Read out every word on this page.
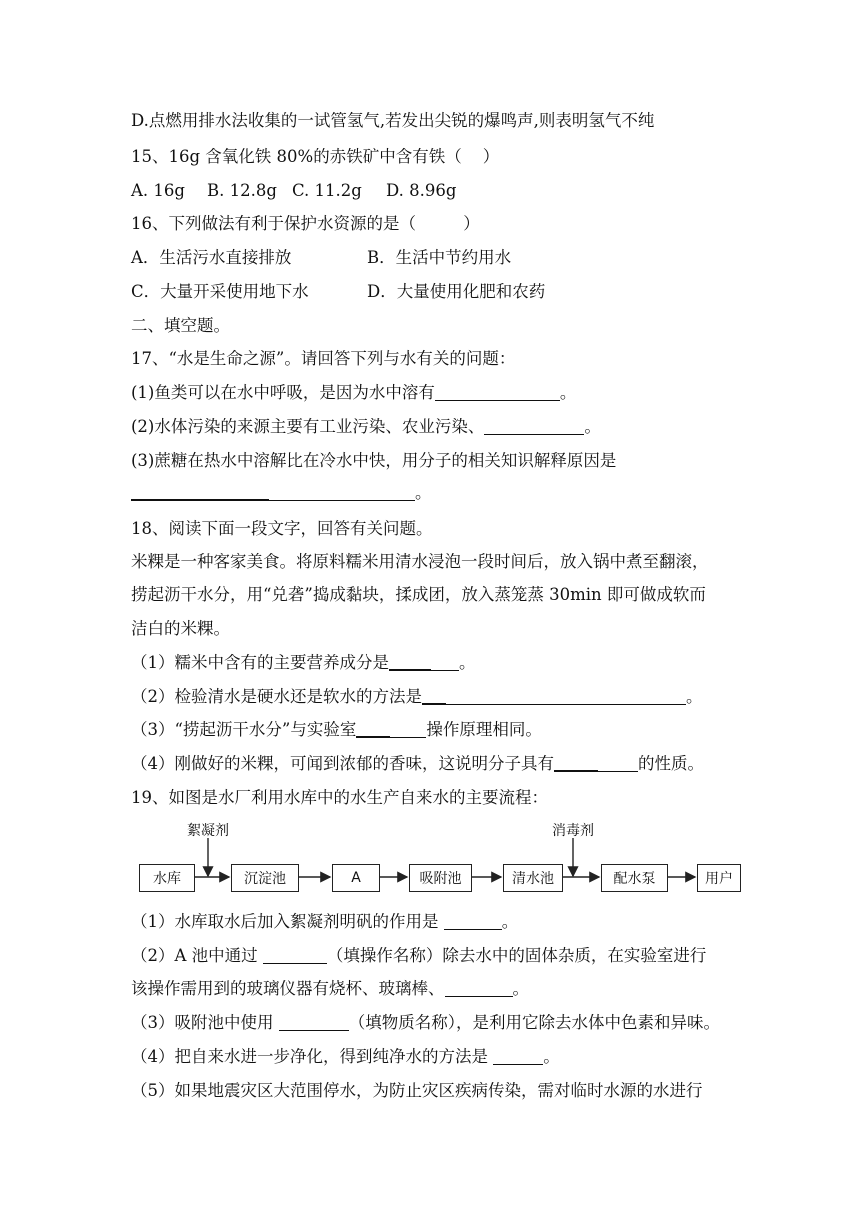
D.点燃用排水法收集的一试管氢气,若发出尖锐的爆鸣声,则表明氢气不纯
15、16g 含氧化铁 80%的赤铁矿中含有铁（    ）
A. 16g B. 12.8g C. 11.2g D. 8.96g
16、下列做法有利于保护水资源的是（         ）
A．生活污水直接排放	B．生活中节约用水
C．大量开采使用地下水	D．大量使用化肥和农药
二、填空题。
17、“水是生命之源”。请回答下列与水有关的问题：
(1)鱼类可以在水中呼吸，是因为水中溶有	。
(2)水体污染的来源主要有工业污染、农业污染、	。
(3)蔗糖在热水中溶解比在冷水中快，用分子的相关知识解释原因是
。
18、阅读下面一段文字，回答有关问题。
米粿是一种客家美食。将原料糯米用清水浸泡一段时间后，放入锅中煮至翻滚，
捞起沥干水分，用“兑砻”捣成黏块，揉成团，放入蒸笼蒸 30min 即可做成软而
洁白的米粿。
（1）糯米中含有的主要营养成分是	。
（2）检验清水是硬水还是软水的方法是	。
（3）“捞起沥干水分”与实验室	操作原理相同。
（4）刚做好的米粿，可闻到浓郁的香味，这说明分子具有	的性质。
19、如图是水厂利用水库中的水生产自来水的主要流程：
絮凝剂	消毒剂
水库	沉淀池	A	吸附池	清水池	配水泵	用户
（1）水库取水后加入絮凝剂明矾的作用是	。
（2）A 池中通过	（填操作名称）除去水中的固体杂质，在实验室进行
该操作需用到的玻璃仪器有烧杯、玻璃棒、	。
（3）吸附池中使用	（填物质名称），是利用它除去水体中色素和异味。
（4）把自来水进一步净化，得到纯净水的方法是	。
（5）如果地震灾区大范围停水，为防止灾区疾病传染，需对临时水源的水进行
